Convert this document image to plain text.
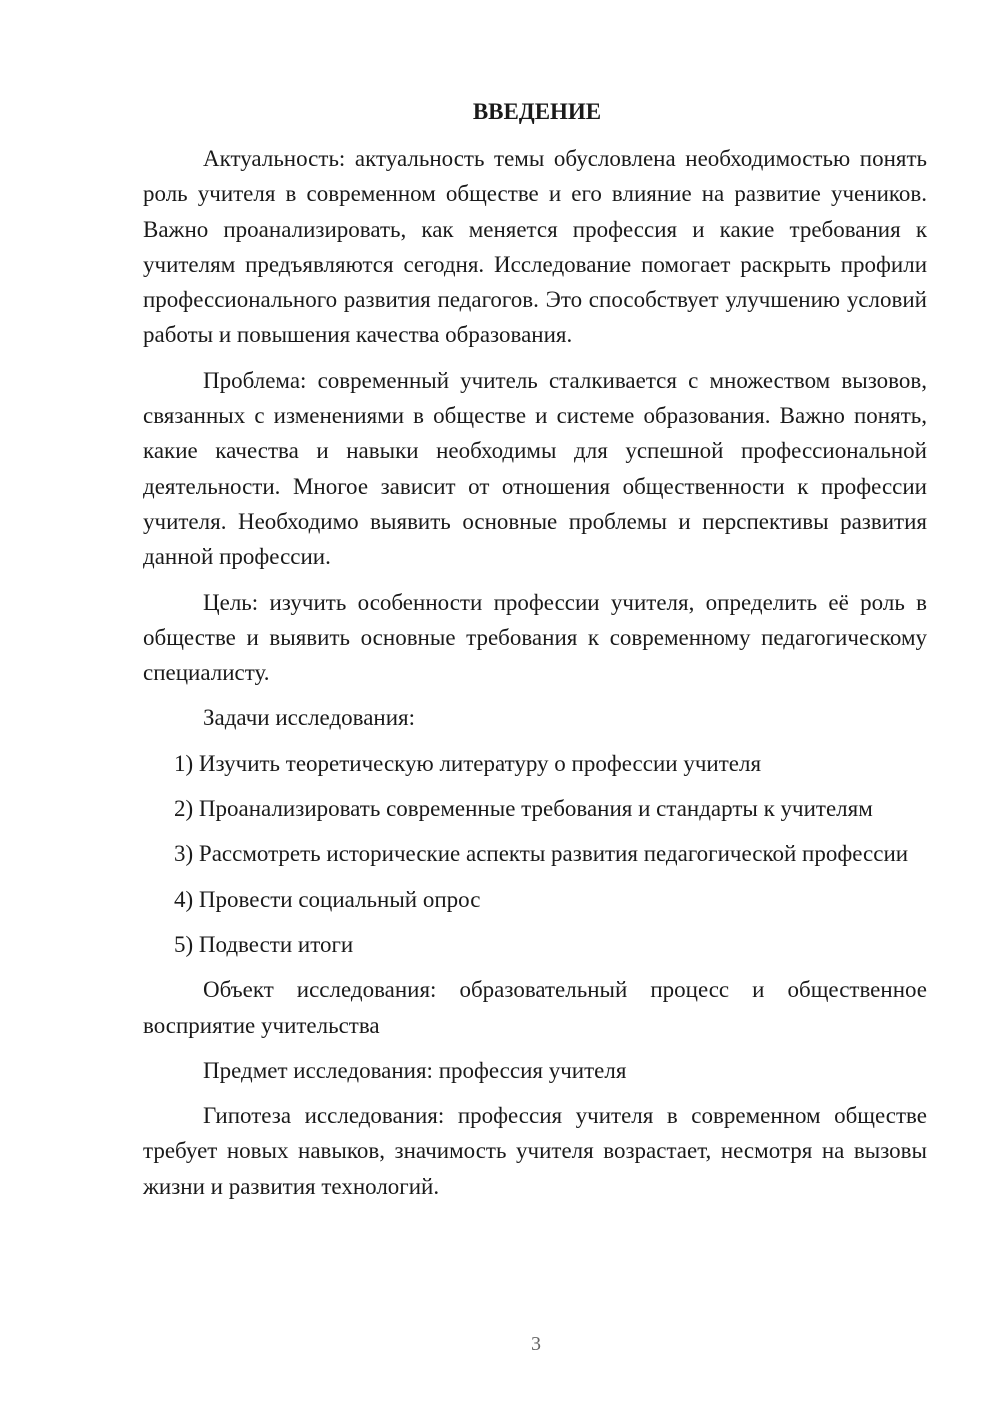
ВВЕДЕНИЕ

Актуальность: актуальность темы обусловлена необходимостью понять роль учителя в современном обществе и его влияние на развитие учеников. Важно проанализировать, как меняется профессия и какие требования к учителям предъявляются сегодня. Исследование помогает раскрыть профили профессионального развития педагогов. Это способствует улучшению условий работы и повышения качества образования.

Проблема: современный учитель сталкивается с множеством вызовов, связанных с изменениями в обществе и системе образования. Важно понять, какие качества и навыки необходимы для успешной профессиональной деятельности. Многое зависит от отношения общественности к профессии учителя. Необходимо выявить основные проблемы и перспективы развития данной профессии.

Цель: изучить особенности профессии учителя, определить её роль в обществе и выявить основные требования к современному педагогическому специалисту.

Задачи исследования:

1) Изучить теоретическую литературу о профессии учителя

2) Проанализировать современные требования и стандарты к учителям

3) Рассмотреть исторические аспекты развития педагогической профессии

4) Провести социальный опрос

5) Подвести итоги

Объект исследования: образовательный процесс и общественное восприятие учительства

Предмет исследования: профессия учителя

Гипотеза исследования: профессия учителя в современном обществе требует новых навыков, значимость учителя возрастает, несмотря на вызовы жизни и развития технологий.

3
